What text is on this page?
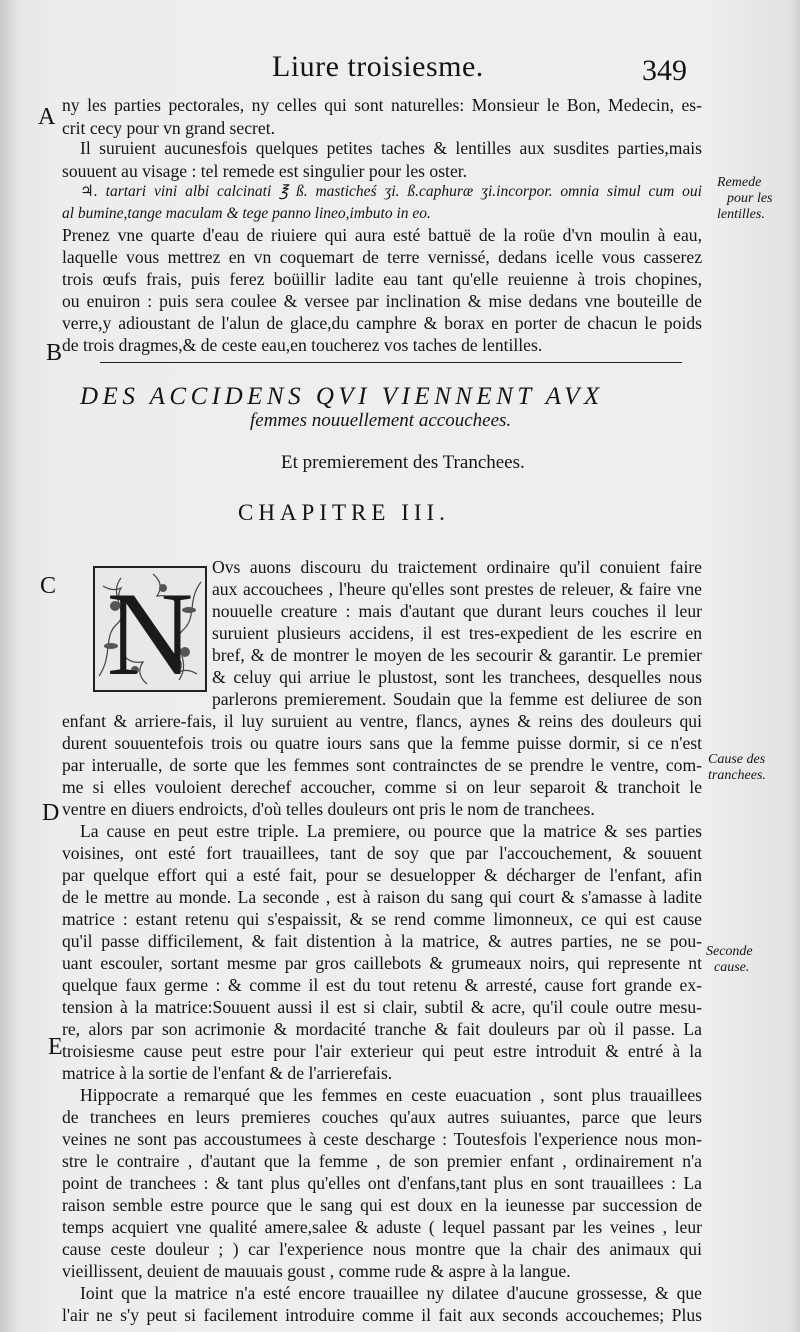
Liure troisiesme.	349
A
B
C
D
E
Remede
pour les
lentilles.
Cause des
tranchees.
Seconde
cause.
ny les parties pectorales, ny celles qui sont naturelles: Monsieur le Bon, Medecin, es-
crit cecy pour vn grand secret.
Il suruient aucunesfois quelques petites taches & lentilles aux susdites parties,mais
souuent au visage : tel remede est singulier pour les oster.
♃. tartari vini albi calcinati ℥ ß. masticheś ʒi. ß.caphuræ ʒi.incorpor. omnia simul cum oui
al bumine,tange maculam & tege panno lineo,imbuto in eo.
Prenez vne quarte d'eau de riuiere qui aura esté battuë de la roüe d'vn moulin à eau,
laquelle vous mettrez en vn coquemart de terre vernissé, dedans icelle vous casserez
trois œufs frais, puis ferez boüillir ladite eau tant qu'elle reuienne à trois chopines,
ou enuiron : puis sera coulee & versee par inclination & mise dedans vne bouteille de
verre,y adioustant de l'alun de glace,du camphre & borax en porter de chacun le poids
de trois dragmes,& de ceste eau,en toucherez vos taches de lentilles.
DES ACCIDENS QVI VIENNENT AVX
femmes nouuellement accouchees.
Et premierement des Tranchees.
CHAPITRE III.
N Ovs auons discouru du traictement ordinaire qu'il conuient faire
aux accouchees , l'heure qu'elles sont prestes de releuer, & faire vne
nouuelle creature : mais d'autant que durant leurs couches il leur
suruient plusieurs accidens, il est tres-expedient de les escrire en
bref, & de montrer le moyen de les secourir & garantir. Le premier
& celuy qui arriue le plustost, sont les tranchees, desquelles nous
parlerons premierement. Soudain que la femme est deliuree de son
enfant & arriere-fais, il luy suruient au ventre, flancs, aynes & reins des douleurs qui
durent souuentefois trois ou quatre iours sans que la femme puisse dormir, si ce n'est
par interualle, de sorte que les femmes sont contrainctes de se prendre le ventre, com-
me si elles vouloient derechef accoucher, comme si on leur separoit & tranchoit le
ventre en diuers endroicts, d'où telles douleurs ont pris le nom de tranchees.
La cause en peut estre triple. La premiere, ou pource que la matrice & ses parties
voisines, ont esté fort trauaillees, tant de soy que par l'accouchement, & souuent
par quelque effort qui a esté fait, pour se desuelopper & décharger de l'enfant, afin
de le mettre au monde. La seconde , est à raison du sang qui court & s'amasse à ladite
matrice : estant retenu qui s'espaissit, & se rend comme limonneux, ce qui est cause
qu'il passe difficilement, & fait distention à la matrice, & autres parties, ne se pou-
uant escouler, sortant mesme par gros caillebots & grumeaux noirs, qui represente nt
quelque faux germe : & comme il est du tout retenu & arresté, cause fort grande ex-
tension à la matrice:Souuent aussi il est si clair, subtil & acre, qu'il coule outre mesu-
re, alors par son acrimonie & mordacité tranche & fait douleurs par où il passe. La
troisiesme cause peut estre pour l'air exterieur qui peut estre introduit & entré à la
matrice à la sortie de l'enfant & de l'arrierefais.
Hippocrate a remarqué que les femmes en ceste euacuation , sont plus trauaillees
de tranchees en leurs premieres couches qu'aux autres suiuantes, parce que leurs
veines ne sont pas accoustumees à ceste descharge : Toutesfois l'experience nous mon-
stre le contraire , d'autant que la femme , de son premier enfant , ordinairement n'a
point de tranchees : & tant plus qu'elles ont d'enfans,tant plus en sont trauaillees : La
raison semble estre pource que le sang qui est doux en la ieunesse par succession de
temps acquiert vne qualité amere,salee & aduste ( lequel passant par les veines , leur
cause ceste douleur ; ) car l'experience nous montre que la chair des animaux qui
vieillissent, deuient de mauuais goust , comme rude & aspre à la langue.
Ioint que la matrice n'a esté encore trauaillee ny dilatee d'aucune grossesse, & que
l'air ne s'y peut si facilement introduire comme il fait aux seconds accouchemes; Plus
